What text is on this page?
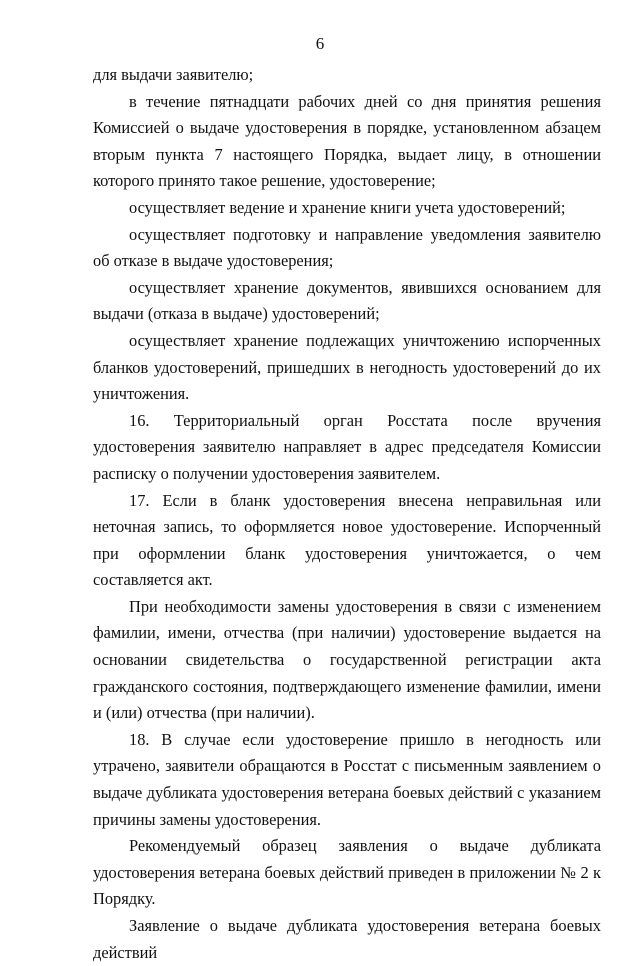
6

для выдачи заявителю;

в течение пятнадцати рабочих дней со дня принятия решения Комиссией о выдаче удостоверения в порядке, установленном абзацем вторым пункта 7 настоящего Порядка, выдает лицу, в отношении которого принято такое решение, удостоверение;

осуществляет ведение и хранение книги учета удостоверений;

осуществляет подготовку и направление уведомления заявителю об отказе в выдаче удостоверения;

осуществляет хранение документов, явившихся основанием для выдачи (отказа в выдаче) удостоверений;

осуществляет хранение подлежащих уничтожению испорченных бланков удостоверений, пришедших в негодность удостоверений до их уничтожения.

16. Территориальный орган Росстата после вручения удостоверения заявителю направляет в адрес председателя Комиссии расписку о получении удостоверения заявителем.

17. Если в бланк удостоверения внесена неправильная или неточная запись, то оформляется новое удостоверение. Испорченный при оформлении бланк удостоверения уничтожается, о чем составляется акт.

При необходимости замены удостоверения в связи с изменением фамилии, имени, отчества (при наличии) удостоверение выдается на основании свидетельства о государственной регистрации акта гражданского состояния, подтверждающего изменение фамилии, имени и (или) отчества (при наличии).

18. В случае если удостоверение пришло в негодность или утрачено, заявители обращаются в Росстат с письменным заявлением о выдаче дубликата удостоверения ветерана боевых действий с указанием причины замены удостоверения.

Рекомендуемый образец заявления о выдаче дубликата удостоверения ветерана боевых действий приведен в приложении № 2 к Порядку.

Заявление о выдаче дубликата удостоверения ветерана боевых действий
